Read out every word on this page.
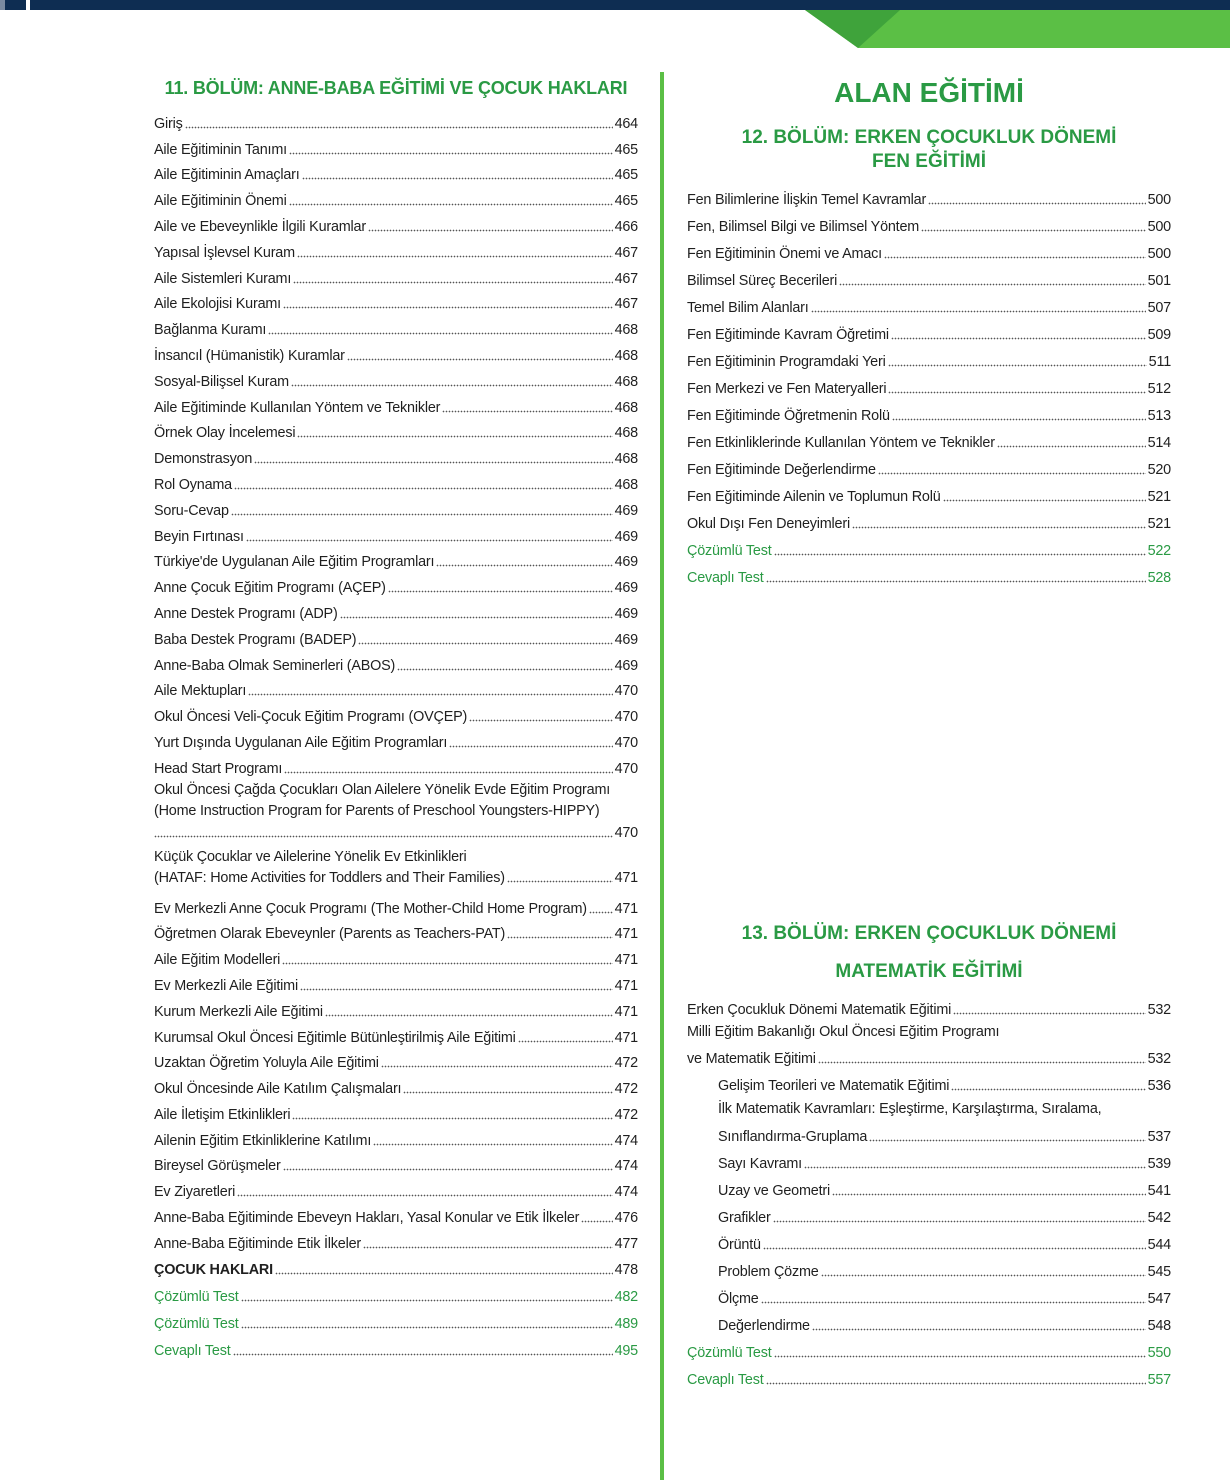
11. BÖLÜM: ANNE-BABA EĞİTİMİ VE ÇOCUK HAKLARI
Giriş	464
Aile Eğitiminin Tanımı	465
Aile Eğitiminin Amaçları	465
Aile Eğitiminin Önemi	465
Aile ve Ebeveynlikle İlgili Kuramlar	466
Yapısal İşlevsel Kuram	467
Aile Sistemleri Kuramı	467
Aile Ekolojisi Kuramı	467
Bağlanma Kuramı	468
İnsancıl (Hümanistik) Kuramlar	468
Sosyal-Bilişsel Kuram	468
Aile Eğitiminde Kullanılan Yöntem ve Teknikler	468
Örnek Olay İncelemesi	468
Demonstrasyon	468
Rol Oynama	468
Soru-Cevap	469
Beyin Fırtınası	469
Türkiye'de Uygulanan Aile Eğitim Programları	469
Anne Çocuk Eğitim Programı (AÇEP)	469
Anne Destek Programı (ADP)	469
Baba Destek Programı (BADEP)	469
Anne-Baba Olmak Seminerleri (ABOS)	469
Aile Mektupları	470
Okul Öncesi Veli-Çocuk Eğitim Programı (OVÇEP)	470
Yurt Dışında Uygulanan Aile Eğitim Programları	470
Head Start Programı	470
Okul Öncesi Çağda Çocukları Olan Ailelere Yönelik Evde Eğitim Programı
(Home Instruction Program for Parents of Preschool Youngsters-HIPPY)
470
Küçük Çocuklar ve Ailelerine Yönelik Ev Etkinlikleri
(HATAF: Home Activities for Toddlers and Their Families)	471
Ev Merkezli Anne Çocuk Programı (The Mother-Child Home Program) 471
Öğretmen Olarak Ebeveynler (Parents as Teachers-PAT)	471
Aile Eğitim Modelleri	471
Ev Merkezli Aile Eğitimi	471
Kurum Merkezli Aile Eğitimi	471
Kurumsal Okul Öncesi Eğitimle Bütünleştirilmiş Aile Eğitimi	471
Uzaktan Öğretim Yoluyla Aile Eğitimi	472
Okul Öncesinde Aile Katılım Çalışmaları	472
Aile İletişim Etkinlikleri	472
Ailenin Eğitim Etkinliklerine Katılımı	474
Bireysel Görüşmeler	474
Ev Ziyaretleri	474
Anne-Baba Eğitiminde Ebeveyn Hakları, Yasal Konular ve Etik İlkeler 476
Anne-Baba Eğitiminde Etik İlkeler	477
ÇOCUK HAKLARI	478
Çözümlü Test	482
Çözümlü Test	489
Cevaplı Test	495
ALAN EĞİTİMİ
12. BÖLÜM: ERKEN ÇOCUKLUK DÖNEMİ
FEN EĞİTİMİ
Fen Bilimlerine İlişkin Temel Kavramlar	500
Fen, Bilimsel Bilgi ve Bilimsel Yöntem	500
Fen Eğitiminin Önemi ve Amacı	500
Bilimsel Süreç Becerileri	501
Temel Bilim Alanları	507
Fen Eğitiminde Kavram Öğretimi	509
Fen Eğitiminin Programdaki Yeri	511
Fen Merkezi ve Fen Materyalleri	512
Fen Eğitiminde Öğretmenin Rolü	513
Fen Etkinliklerinde Kullanılan Yöntem ve Teknikler	514
Fen Eğitiminde Değerlendirme	520
Fen Eğitiminde Ailenin ve Toplumun Rolü	521
Okul Dışı Fen Deneyimleri	521
Çözümlü Test	522
Cevaplı Test	528
13. BÖLÜM: ERKEN ÇOCUKLUK DÖNEMİ
MATEMATİK EĞİTİMİ
Erken Çocukluk Dönemi Matematik Eğitimi	532
Milli Eğitim Bakanlığı Okul Öncesi Eğitim Programı
ve Matematik Eğitimi	532
Gelişim Teorileri ve Matematik Eğitimi	536
İlk Matematik Kavramları: Eşleştirme, Karşılaştırma, Sıralama,
Sınıflandırma-Gruplama	537
Sayı Kavramı	539
Uzay ve Geometri	541
Grafikler	542
Örüntü	544
Problem Çözme	545
Ölçme	547
Değerlendirme	548
Çözümlü Test	550
Cevaplı Test	557
